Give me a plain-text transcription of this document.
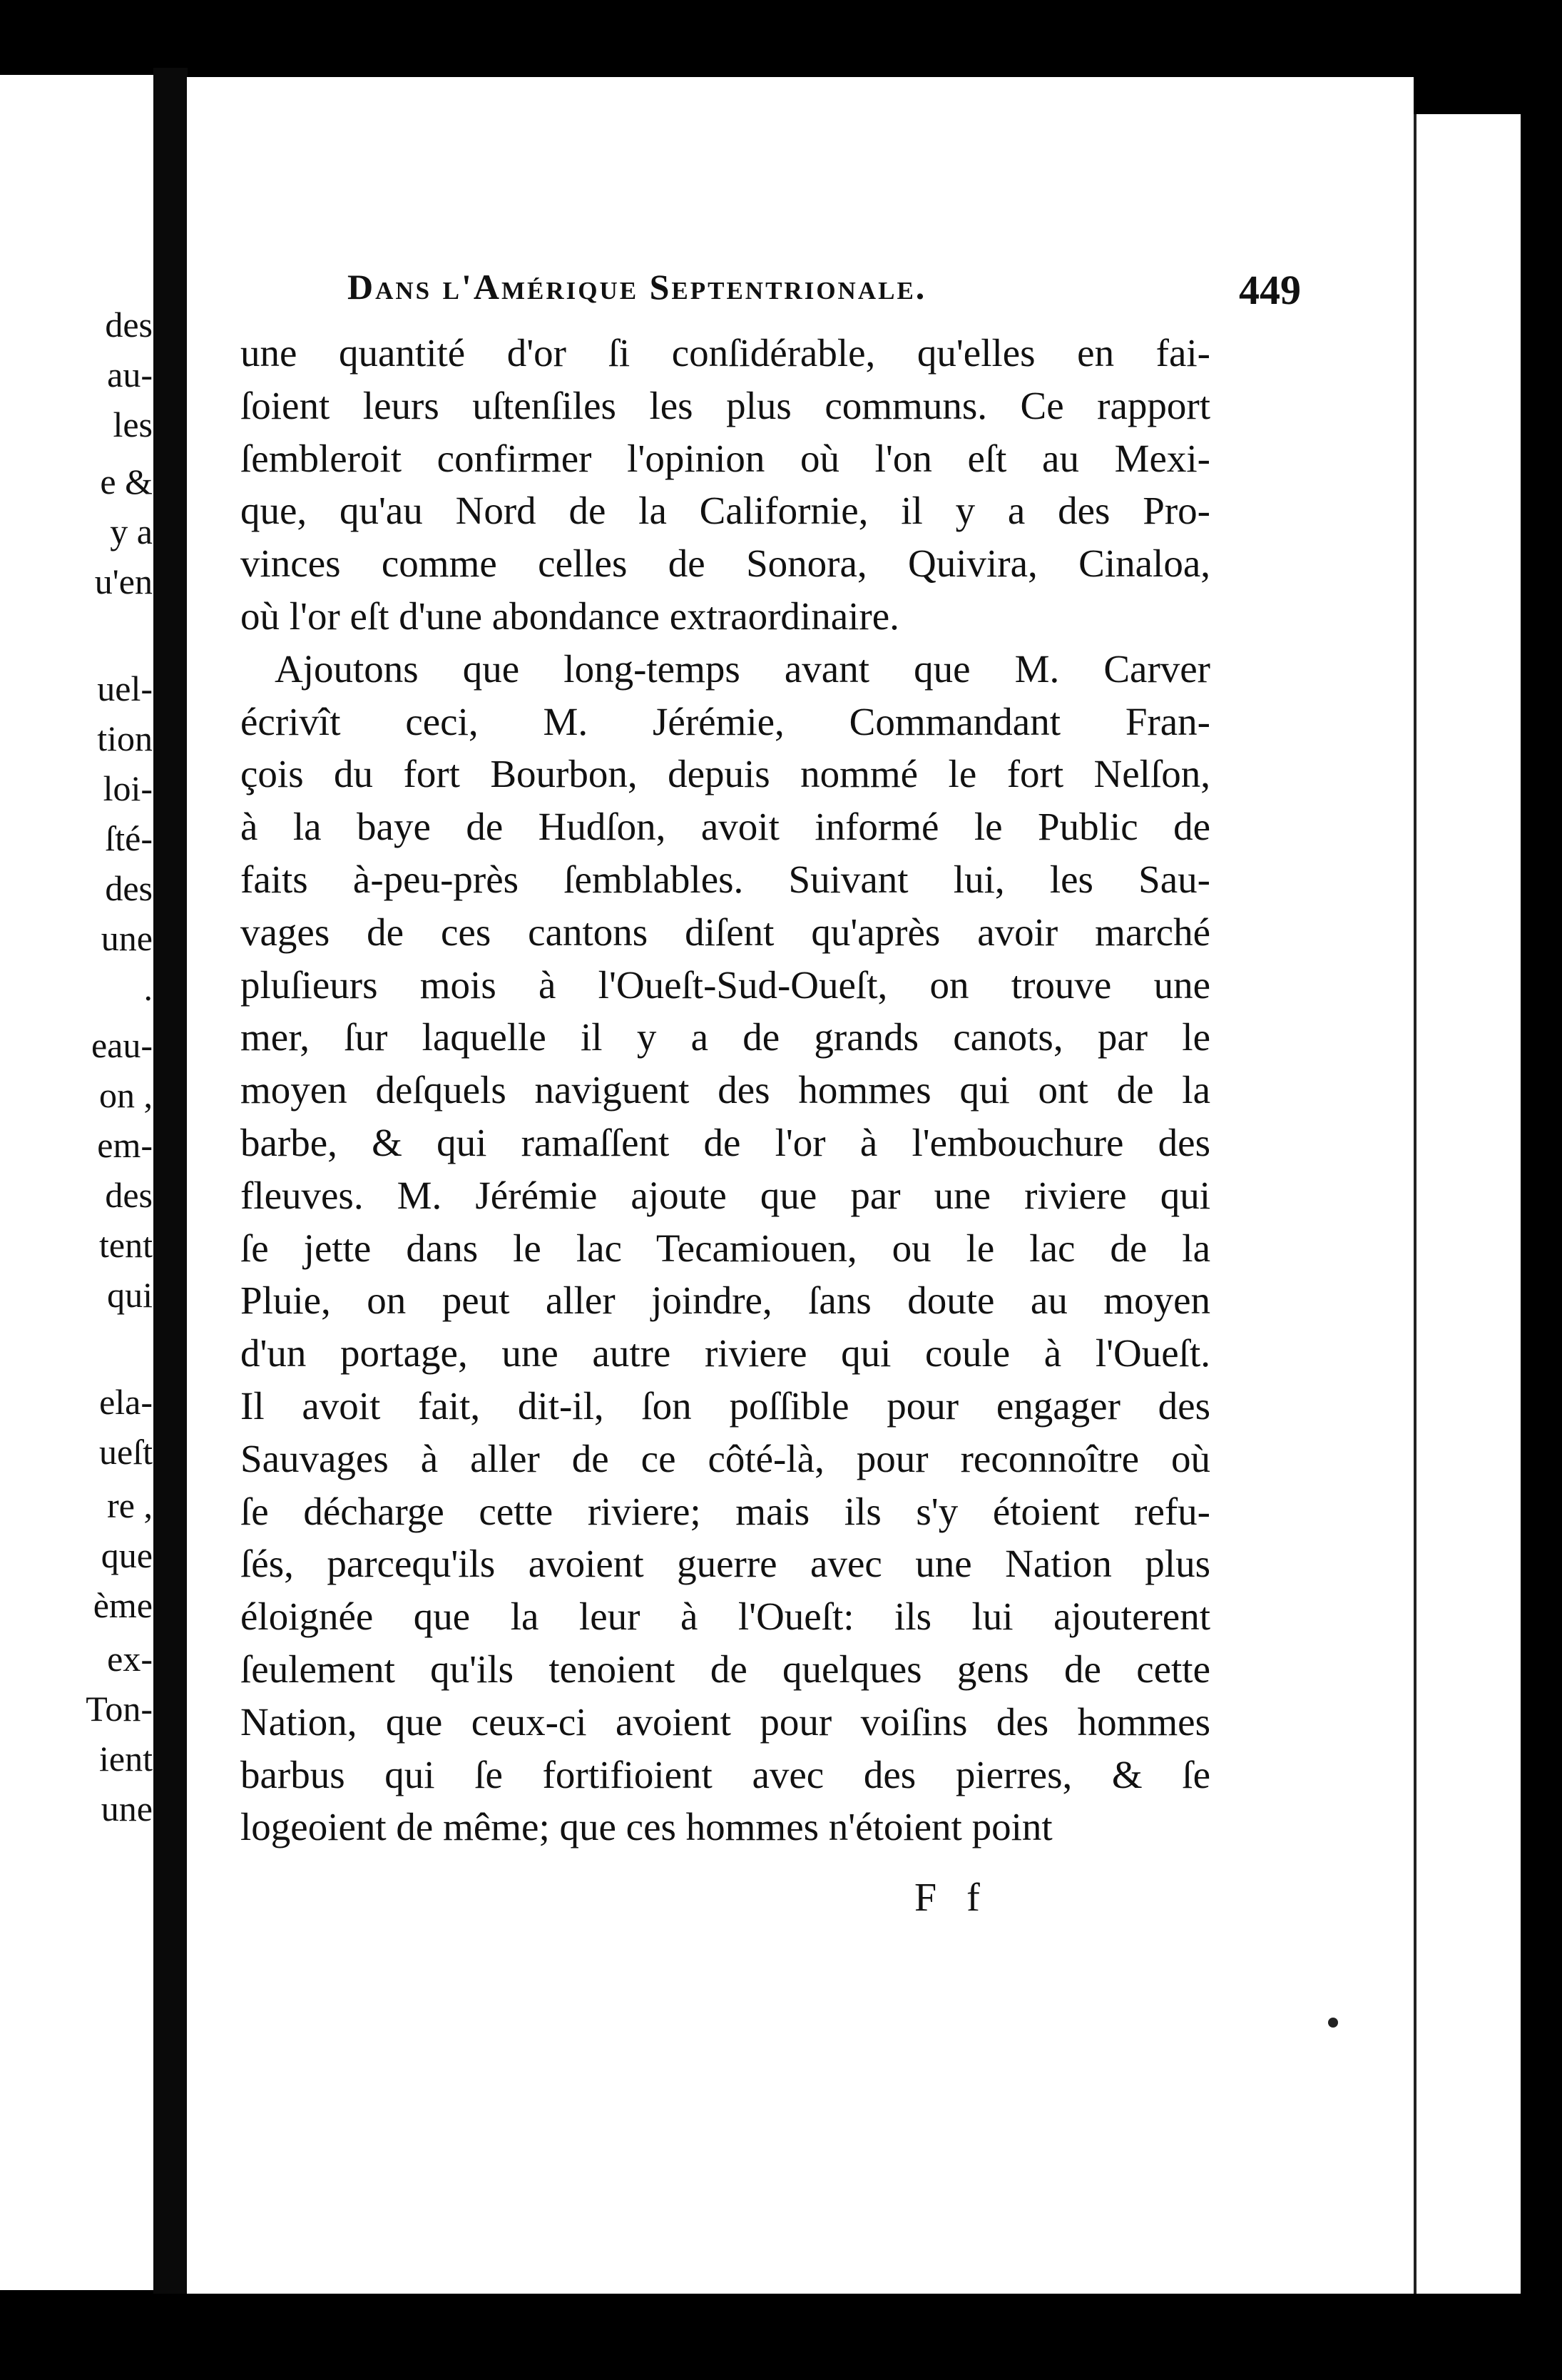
des
au-
les
e &
y a
u'en
uel-
tion
loi-
ſté-
des
une
.
eau-
on ,
em-
des
tent
qui
ela-
ueſt
re ,
que
ème
ex-
Ton-
ient
une
Dans l'Amérique Septentrionale.	449
une quantité d'or ſi conſidérable, qu'elles en fai-
ſoient leurs uſtenſiles les plus communs. Ce rapport
ſembleroit confirmer l'opinion où l'on eſt au Mexi-
que, qu'au Nord de la Californie, il y a des Pro-
vinces comme celles de Sonora, Quivira, Cinaloa,
où l'or eſt d'une abondance extraordinaire.
Ajoutons que long-temps avant que M. Carver
écrivît ceci, M. Jérémie, Commandant Fran-
çois du fort Bourbon, depuis nommé le fort Nelſon,
à la baye de Hudſon, avoit informé le Public de
faits à-peu-près ſemblables. Suivant lui, les Sau-
vages de ces cantons diſent qu'après avoir marché
pluſieurs mois à l'Oueſt-Sud-Oueſt, on trouve une
mer, ſur laquelle il y a de grands canots, par le
moyen deſquels naviguent des hommes qui ont de la
barbe, & qui ramaſſent de l'or à l'embouchure des
fleuves. M. Jérémie ajoute que par une riviere qui
ſe jette dans le lac Tecamiouen, ou le lac de la
Pluie, on peut aller joindre, ſans doute au moyen
d'un portage, une autre riviere qui coule à l'Oueſt.
Il avoit fait, dit-il, ſon poſſible pour engager des
Sauvages à aller de ce côté-là, pour reconnoître où
ſe décharge cette riviere; mais ils s'y étoient refu-
ſés, parcequ'ils avoient guerre avec une Nation plus
éloignée que la leur à l'Oueſt: ils lui ajouterent
ſeulement qu'ils tenoient de quelques gens de cette
Nation, que ceux-ci avoient pour voiſins des hommes
barbus qui ſe fortifioient avec des pierres, & ſe
logeoient de même; que ces hommes n'étoient point
F f
